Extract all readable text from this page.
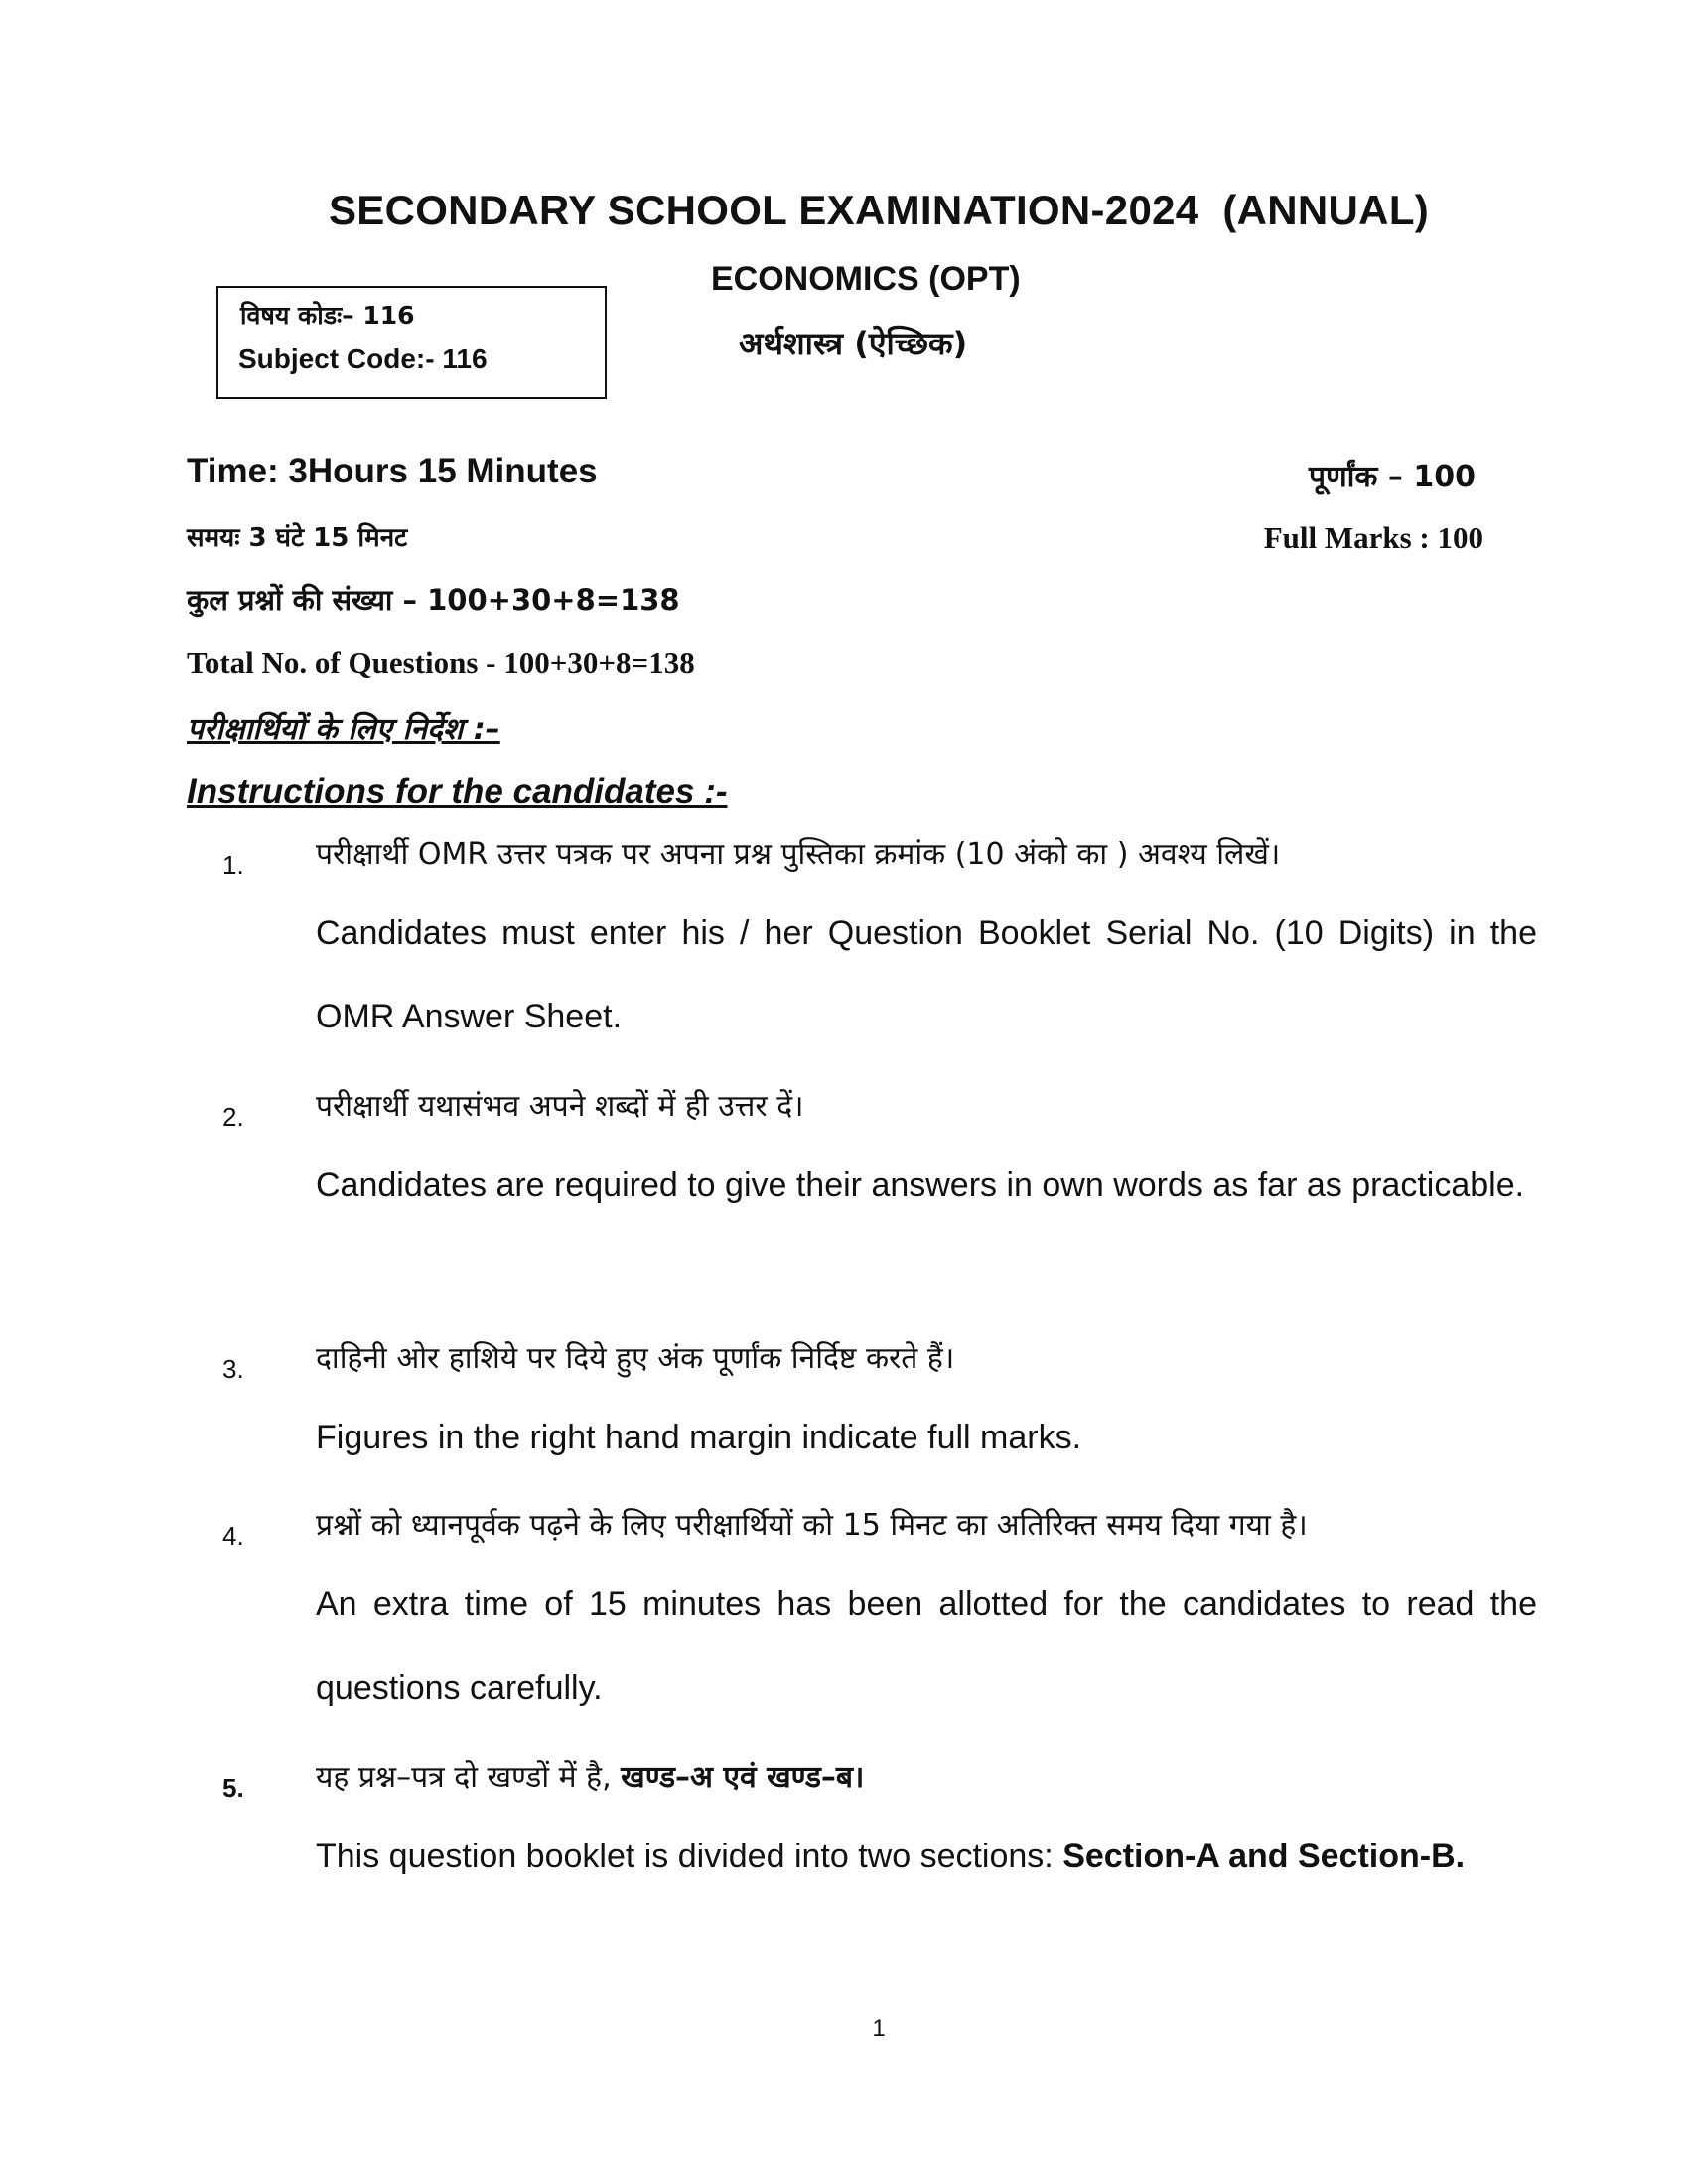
SECONDARY SCHOOL EXAMINATION-2024  (ANNUAL)
विषय कोडः– 116
Subject Code:- 116
ECONOMICS (OPT)
अर्थशास्त्र (ऐच्छिक)
Time: 3Hours 15 Minutes
समयः 3 घंटे 15 मिनट
पूर्णांक – 100
Full Marks : 100
कुल प्रश्नों की संख्या – 100+30+8=138
Total No. of Questions - 100+30+8=138
परीक्षार्थियों के लिए निर्देश :–
Instructions for the candidates :-
1. परीक्षार्थी OMR उत्तर पत्रक पर अपना प्रश्न पुस्तिका क्रमांक (10 अंको का ) अवश्य लिखें।
Candidates must enter his / her Question Booklet Serial No. (10 Digits) in the OMR Answer Sheet.
2. परीक्षार्थी यथासंभव अपने शब्दों में ही उत्तर दें।
Candidates are required to give their answers in own words as far as practicable.
3. दाहिनी ओर हाशिये पर दिये हुए अंक पूर्णांक निर्दिष्ट करते हैं।
Figures in the right hand margin indicate full marks.
4. प्रश्नों को ध्यानपूर्वक पढ़ने के लिए परीक्षार्थियों को 15 मिनट का अतिरिक्त समय दिया गया है।
An extra time of 15 minutes has been allotted for the candidates to read the questions carefully.
5. यह प्रश्न–पत्र दो खण्डों में है, खण्ड–अ एवं खण्ड–ब।
This question booklet is divided into two sections: Section-A and Section-B.
1
